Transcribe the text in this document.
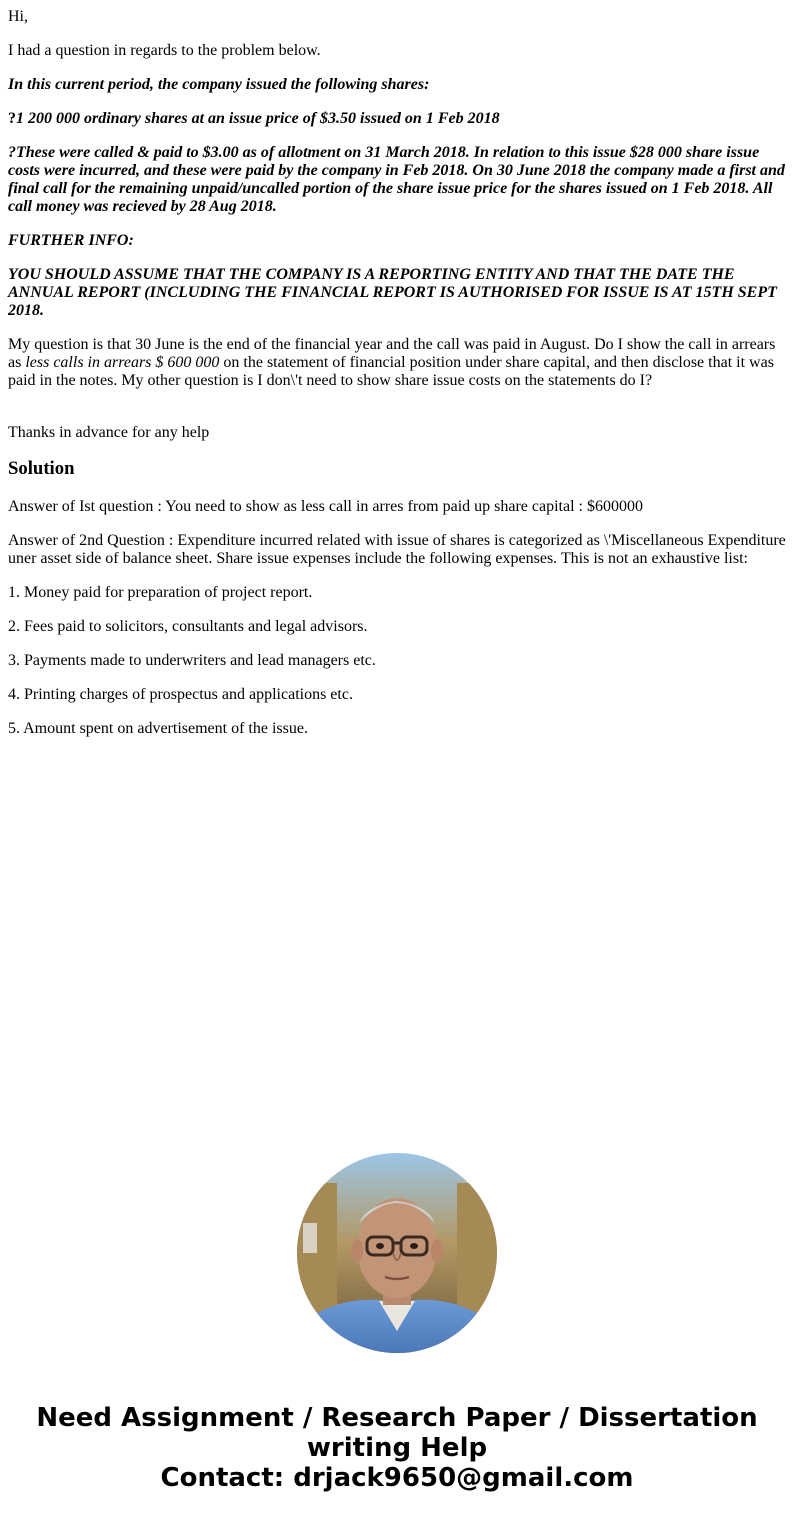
Hi,

I had a question in regards to the problem below.

In this current period, the company issued the following shares:

?1 200 000 ordinary shares at an issue price of $3.50 issued on 1 Feb 2018

?These were called & paid to $3.00 as of allotment on 31 March 2018. In relation to this issue $28 000 share issue costs were incurred, and these were paid by the company in Feb 2018. On 30 June 2018 the company made a first and final call for the remaining unpaid/uncalled portion of the share issue price for the shares issued on 1 Feb 2018. All call money was recieved by 28 Aug 2018.

FURTHER INFO:

YOU SHOULD ASSUME THAT THE COMPANY IS A REPORTING ENTITY AND THAT THE DATE THE ANNUAL REPORT (INCLUDING THE FINANCIAL REPORT IS AUTHORISED FOR ISSUE IS AT 15TH SEPT 2018.

My question is that 30 June is the end of the financial year and the call was paid in August. Do I show the call in arrears as less calls in arrears $ 600 000 on the statement of financial position under share capital, and then disclose that it was paid in the notes. My other question is I don\'t need to show share issue costs on the statements do I?

Thanks in advance for any help

Solution

Answer of Ist question : You need to show as less call in arres from paid up share capital : $600000

Answer of 2nd Question : Expenditure incurred related with issue of shares is categorized as \'Miscellaneous Expenditure uner asset side of balance sheet. Share issue expenses include the following expenses. This is not an exhaustive list:

1. Money paid for preparation of project report.

2. Fees paid to solicitors, consultants and legal advisors.

3. Payments made to underwriters and lead managers etc.

4. Printing charges of prospectus and applications etc.

5. Amount spent on advertisement of the issue.

Need Assignment / Research Paper / Dissertation writing Help
Contact: drjack9650@gmail.com
